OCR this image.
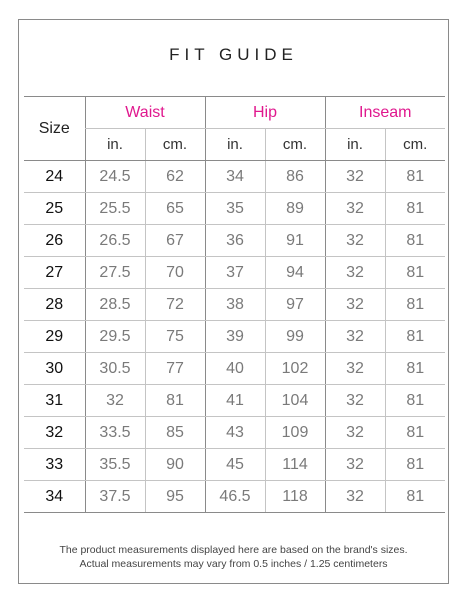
FIT GUIDE
Size	Waist		Hip		Inseam	
	in.	cm.	in.	cm.	in.	cm.
24	24.5	62	34	86	32	81
25	25.5	65	35	89	32	81
26	26.5	67	36	91	32	81
27	27.5	70	37	94	32	81
28	28.5	72	38	97	32	81
29	29.5	75	39	99	32	81
30	30.5	77	40	102	32	81
31	32	81	41	104	32	81
32	33.5	85	43	109	32	81
33	35.5	90	45	114	32	81
34	37.5	95	46.5	118	32	81
The product measurements displayed here are based on the brand's sizes.
Actual measurements may vary from 0.5 inches / 1.25 centimeters
